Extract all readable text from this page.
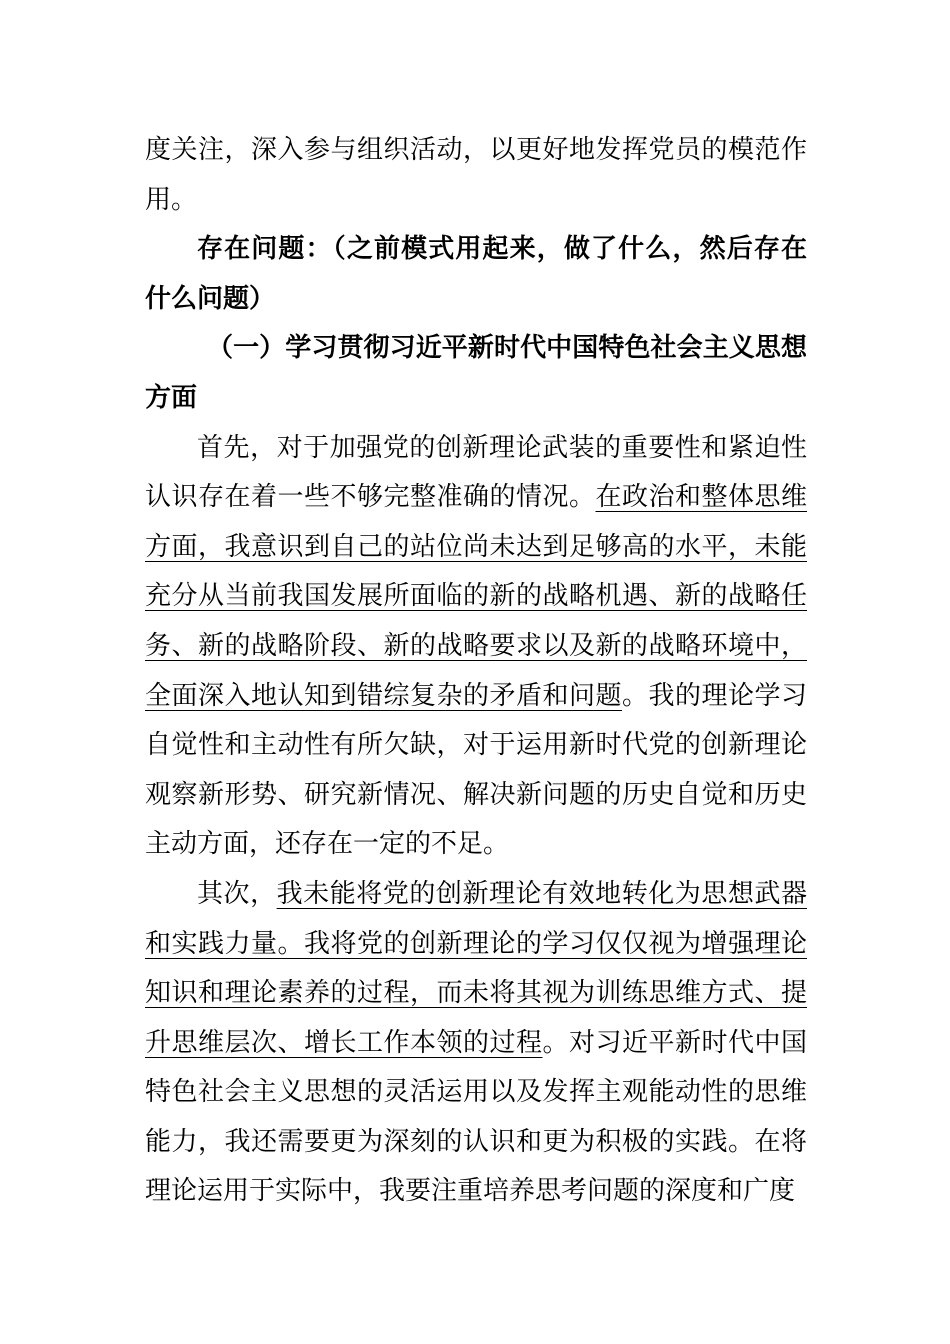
度关注，深入参与组织活动，以更好地发挥党员的模范作用。

存在问题：（之前模式用起来，做了什么，然后存在什么问题）

（一）学习贯彻习近平新时代中国特色社会主义思想方面

首先，对于加强党的创新理论武装的重要性和紧迫性认识存在着一些不够完整准确的情况。在政治和整体思维方面，我意识到自己的站位尚未达到足够高的水平，未能充分从当前我国发展所面临的新的战略机遇、新的战略任务、新的战略阶段、新的战略要求以及新的战略环境中，全面深入地认知到错综复杂的矛盾和问题。我的理论学习自觉性和主动性有所欠缺，对于运用新时代党的创新理论观察新形势、研究新情况、解决新问题的历史自觉和历史主动方面，还存在一定的不足。

其次，我未能将党的创新理论有效地转化为思想武器和实践力量。我将党的创新理论的学习仅仅视为增强理论知识和理论素养的过程，而未将其视为训练思维方式、提升思维层次、增长工作本领的过程。对习近平新时代中国特色社会主义思想的灵活运用以及发挥主观能动性的思维能力，我还需要更为深刻的认识和更为积极的实践。在将理论运用于实际中，我要注重培养思考问题的深度和广度
